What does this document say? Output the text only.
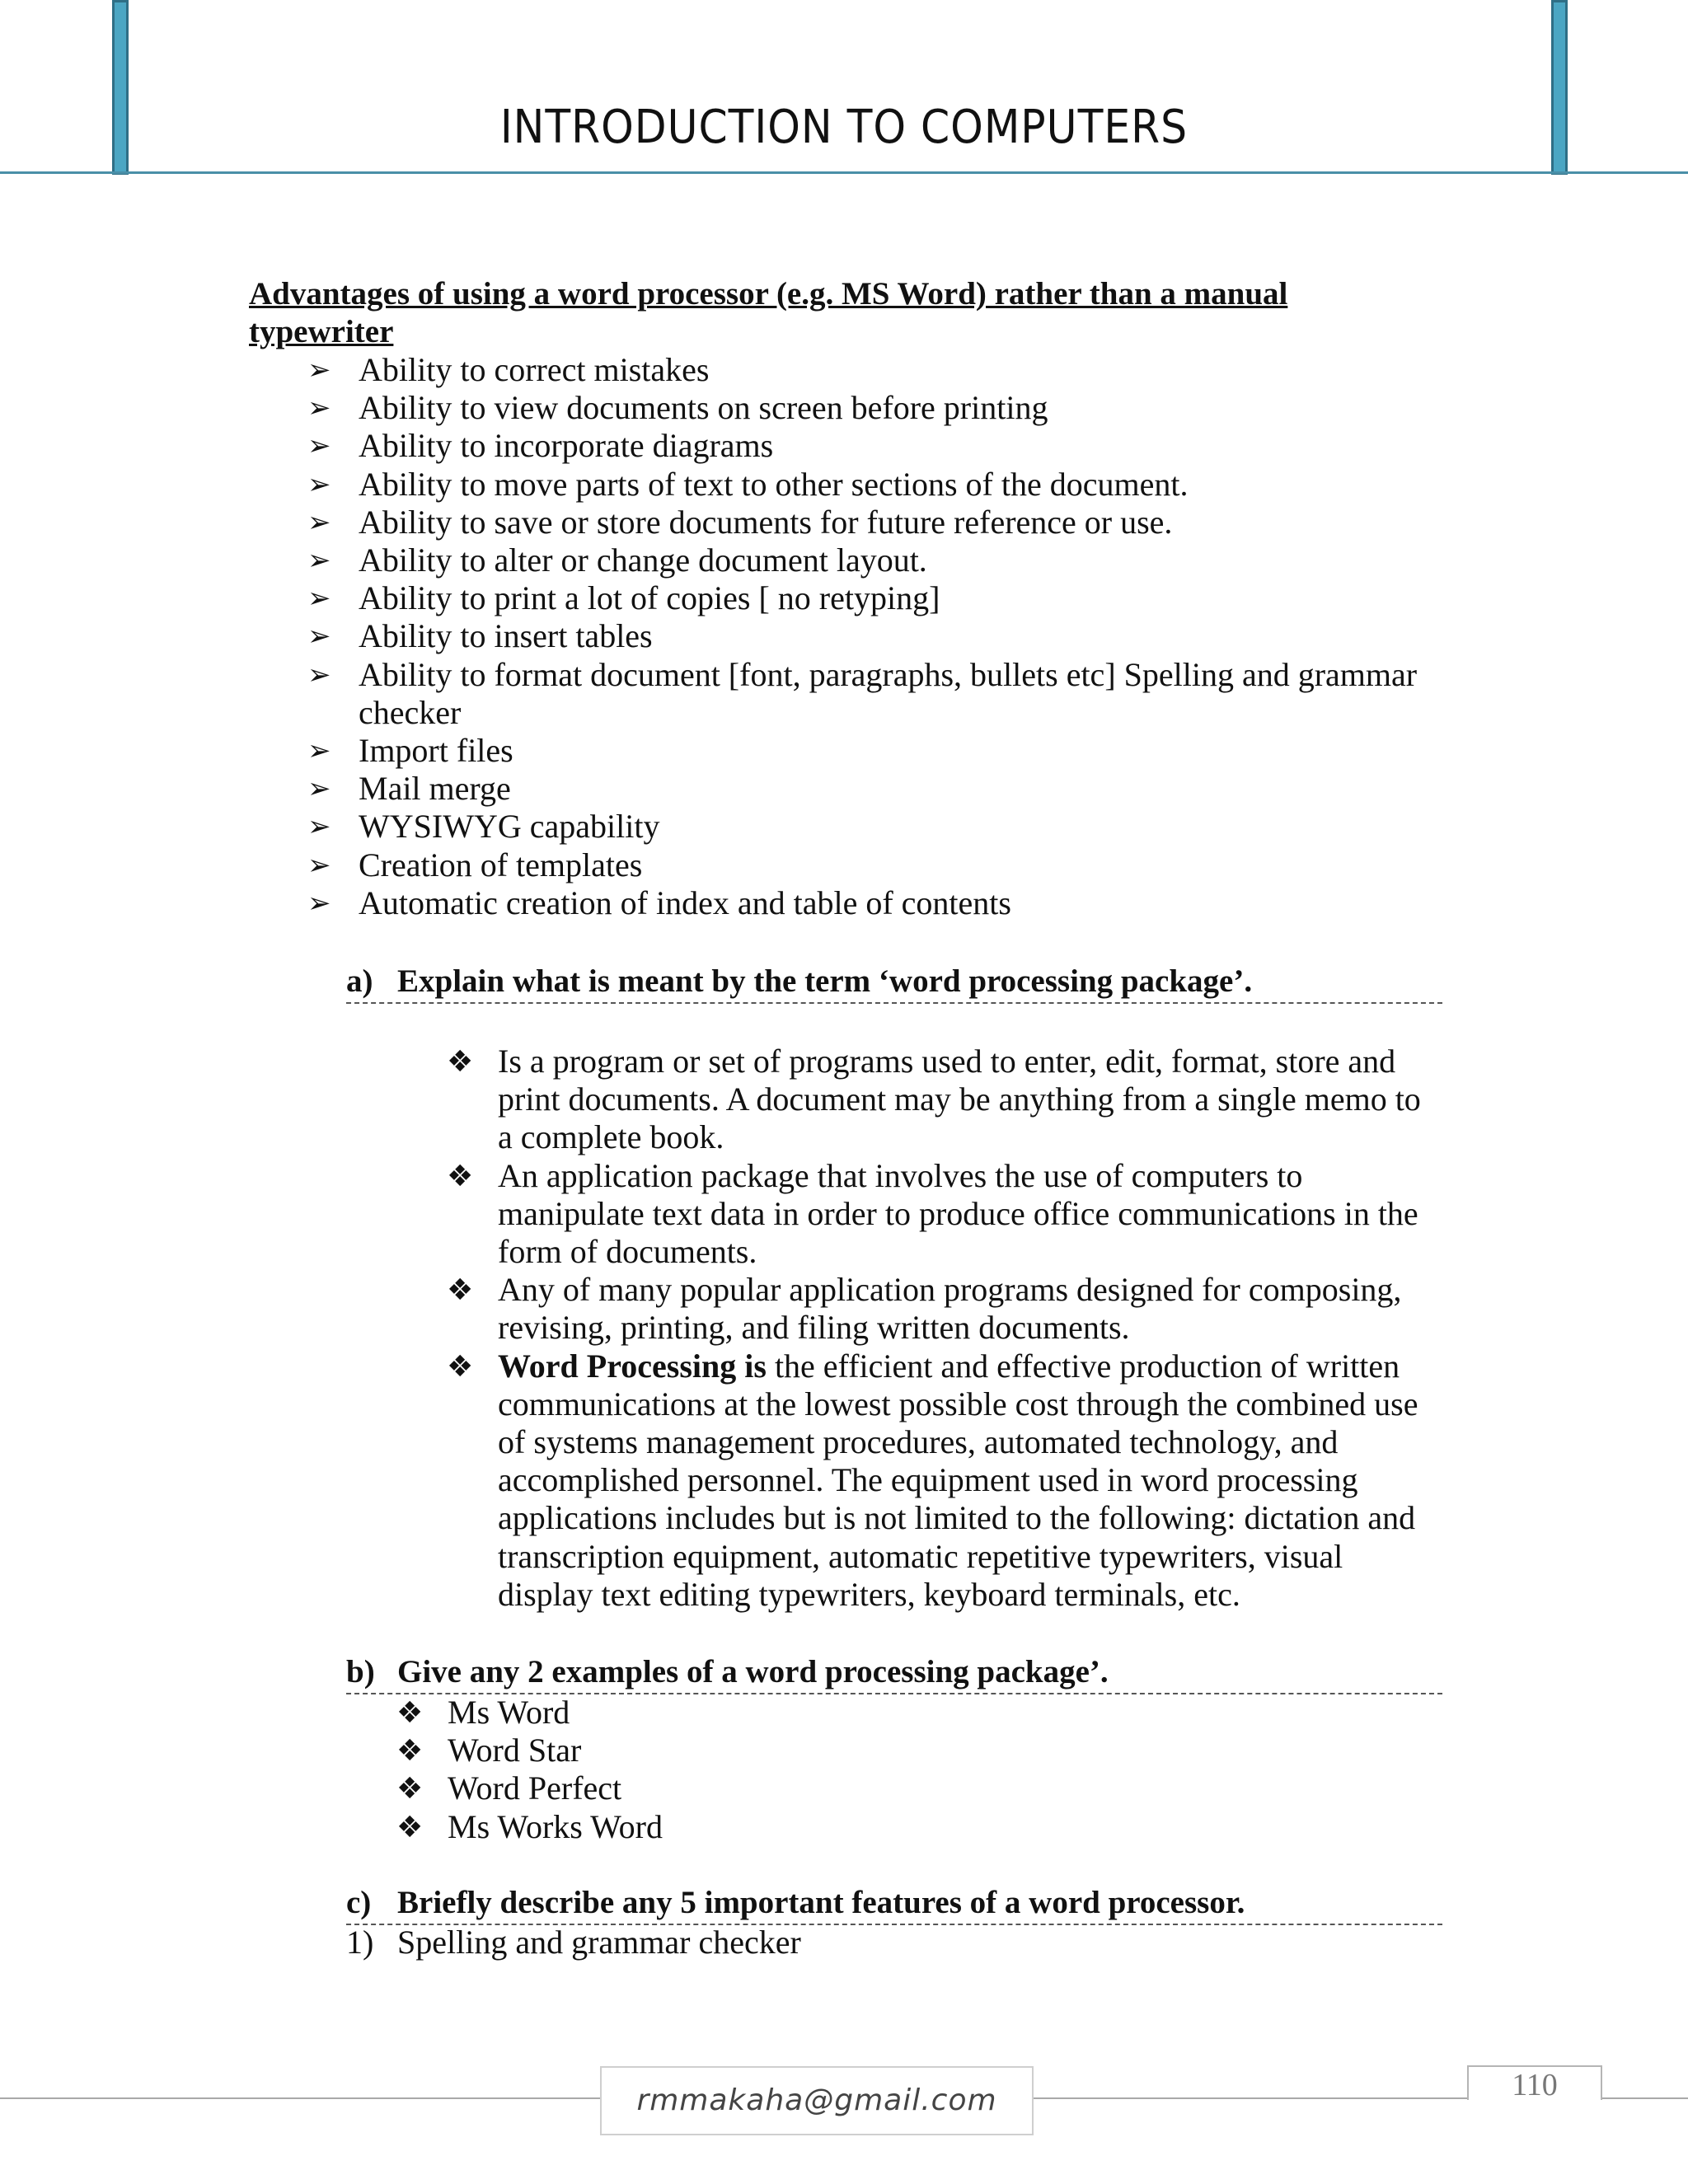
INTRODUCTION TO COMPUTERS
Advantages of using a word processor (e.g. MS Word) rather than a manual
typewriter
➢ Ability to correct mistakes
➢ Ability to view documents on screen before printing
➢ Ability to incorporate diagrams
➢ Ability to move parts of text to other sections of the document.
➢ Ability to save or store documents for future reference or use.
➢ Ability to alter or change document layout.
➢ Ability to print a lot of copies [ no retyping]
➢ Ability to insert tables
➢ Ability to format document [font, paragraphs, bullets etc] Spelling and grammar checker
➢ Import files
➢ Mail merge
➢ WYSIWYG capability
➢ Creation of templates
➢ Automatic creation of index and table of contents
a) Explain what is meant by the term ‘word processing package’.
❖ Is a program or set of programs used to enter, edit, format, store and print documents. A document may be anything from a single memo to a complete book.
❖ An application package that involves the use of computers to manipulate text data in order to produce office communications in the form of documents.
❖ Any of many popular application programs designed for composing, revising, printing, and filing written documents.
❖ Word Processing is the efficient and effective production of written communications at the lowest possible cost through the combined use of systems management procedures, automated technology, and accomplished personnel. The equipment used in word processing applications includes but is not limited to the following: dictation and transcription equipment, automatic repetitive typewriters, visual display text editing typewriters, keyboard terminals, etc.
b) Give any 2 examples of a word processing package’.
❖ Ms Word
❖ Word Star
❖ Word Perfect
❖ Ms Works Word
c) Briefly describe any 5 important features of a word processor.
1) Spelling and grammar checker
rmmakaha@gmail.com	110
